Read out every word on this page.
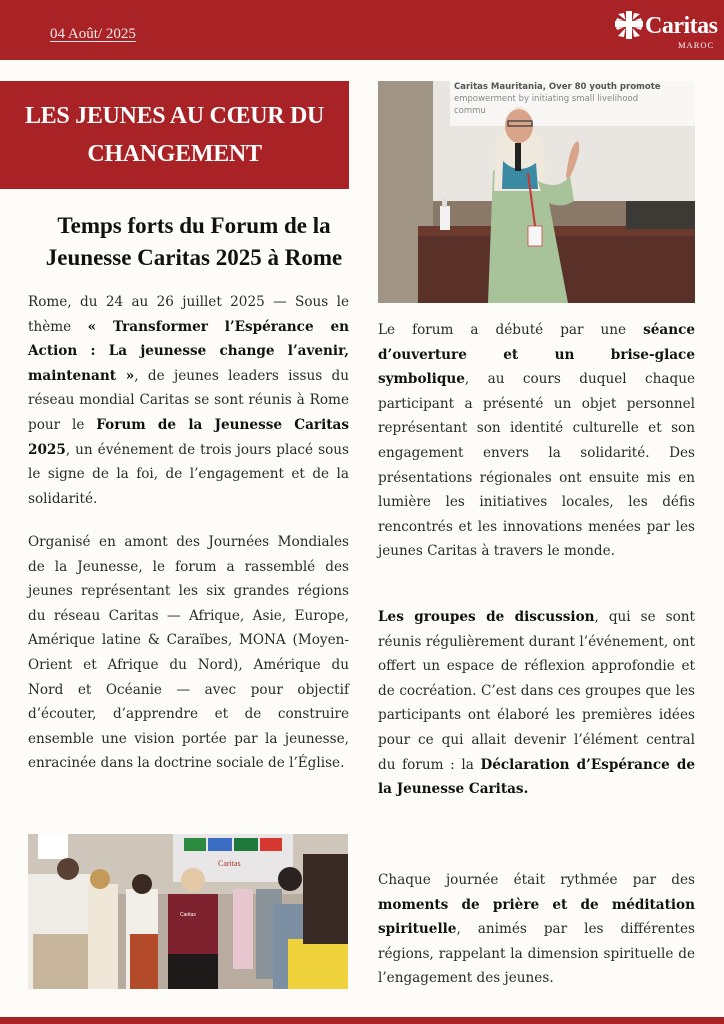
04 Août/ 2025	Caritas
MAROC
LES JEUNES AU CŒUR DU
CHANGEMENT
Temps forts du Forum de la
Jeunesse Caritas 2025 à Rome

Rome, du 24 au 26 juillet 2025 — Sous le thème « Transformer l’Espérance en Action : La jeunesse change l’avenir, maintenant », de jeunes leaders issus du réseau mondial Caritas se sont réunis à Rome pour le Forum de la Jeunesse Caritas 2025, un événement de trois jours placé sous le signe de la foi, de l’engagement et de la solidarité.

Organisé en amont des Journées Mondiales de la Jeunesse, le forum a rassemblé des jeunes représentant les six grandes régions du réseau Caritas — Afrique, Asie, Europe, Amérique latine & Caraïbes, MONA (Moyen-Orient et Afrique du Nord), Amérique du Nord et Océanie — avec pour objectif d’écouter, d’apprendre et de construire ensemble une vision portée par la jeunesse, enracinée dans la doctrine sociale de l’Église.

Caritas
Caritas
Caritas Mauritania, Over 80 youth promote
empowerment by initiating small livelihood
commu

Le forum a débuté par une séance d’ouverture et un brise-glace symbolique, au cours duquel chaque participant a présenté un objet personnel représentant son identité culturelle et son engagement envers la solidarité. Des présentations régionales ont ensuite mis en lumière les initiatives locales, les défis rencontrés et les innovations menées par les jeunes Caritas à travers le monde.

Les groupes de discussion, qui se sont réunis régulièrement durant l’événement, ont offert un espace de réflexion approfondie et de cocréation. C’est dans ces groupes que les participants ont élaboré les premières idées pour ce qui allait devenir l’élément central du forum : la Déclaration d’Espérance de la Jeunesse Caritas.

Chaque journée était rythmée par des moments de prière et de méditation spirituelle, animés par les différentes régions, rappelant la dimension spirituelle de l’engagement des jeunes.
